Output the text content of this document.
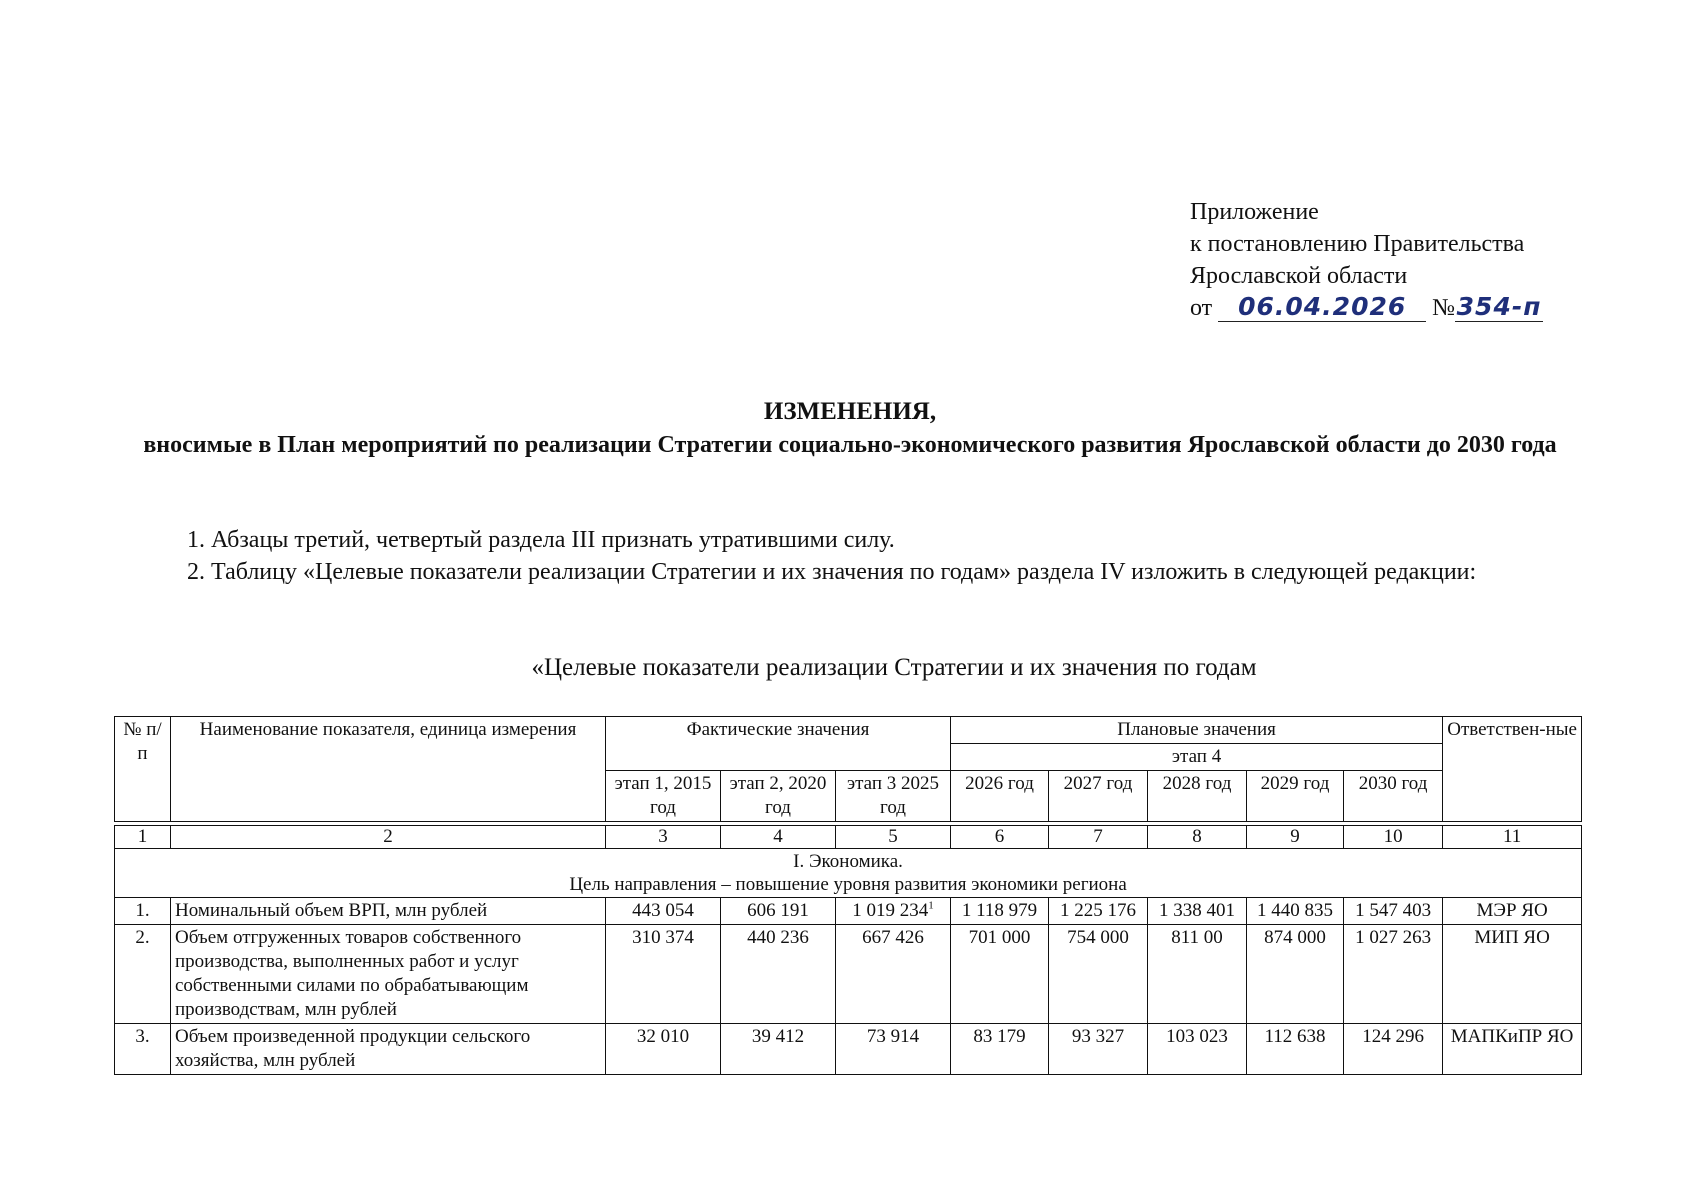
Приложение
к постановлению Правительства
Ярославской области
от 06.04.2026 №354-п
ИЗМЕНЕНИЯ,
вносимые в План мероприятий по реализации Стратегии социально-экономического развития Ярославской области до 2030 года
1. Абзацы третий, четвертый раздела III признать утратившими силу.
2. Таблицу «Целевые показатели реализации Стратегии и их значения по годам» раздела IV изложить в следующей редакции:
«Целевые показатели реализации Стратегии и их значения по годам
№ п/п	Наименование показателя, единица измерения	Фактические значения			Плановые значения					Ответствен-ные
					этап 4					
		этап 1, 2015 год	этап 2, 2020 год	этап 3 2025 год	2026 год	2027 год	2028 год	2029 год	2030 год	

1	2	3	4	5	6	7	8	9	10	11

I. Экономика.
Цель направления – повышение уровня развития экономики региона										

1.	Номинальный объем ВРП, млн рублей	443 054	606 191	1 019 $234^1$	1 118 979	1 225 176	1 338 401	1 440 835	1 547 403	МЭР ЯО
2.	Объем отгруженных товаров собственного производства, выполненных работ и услуг собственными силами по обрабатывающим производствам, млн рублей	310 374	440 236	667 426	701 000	754 000	811 00	874 000	1 027 263	МИП ЯО
3.	Объем произведенной продукции сельского хозяйства, млн рублей	32 010	39 412	73 914	83 179	93 327	103 023	112 638	124 296	МАПКиПР ЯО
